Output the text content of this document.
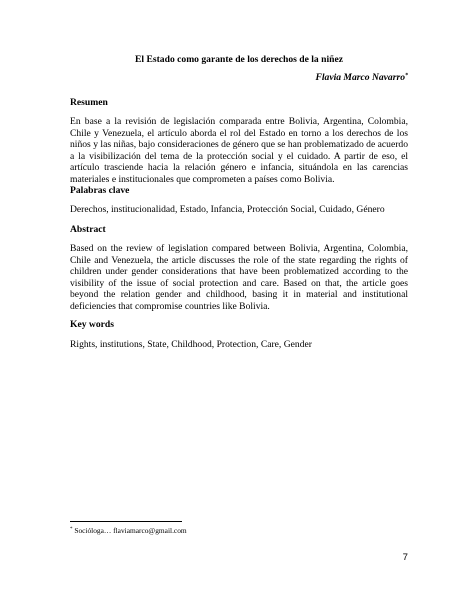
El Estado como garante de los derechos de la niñez
Flavia Marco Navarro*
Resumen
En base a la revisión de legislación comparada entre Bolivia, Argentina, Colombia, Chile y Venezuela, el artículo aborda el rol del Estado en torno a los derechos de los niños y las niñas, bajo consideraciones de género que se han problematizado de acuerdo a la visibilización del tema de la protección social y el cuidado. A partir de eso, el artículo trasciende hacia la relación género e infancia, situándola en las carencias materiales e institucionales que comprometen a países como Bolivia.
Palabras clave
Derechos, institucionalidad, Estado, Infancia, Protección Social, Cuidado, Género
Abstract
Based on the review of legislation compared between Bolivia, Argentina, Colombia, Chile and Venezuela, the article discusses the role of the state regarding the rights of children under gender considerations that have been problematized according to the visibility of the issue of social protection and care. Based on that, the article goes beyond the relation gender and childhood, basing it in material and institutional deficiencies that compromise countries like Bolivia.
Key words
Rights, institutions, State, Childhood, Protection, Care, Gender
* Socióloga… flaviamarco@gmail.com
7
